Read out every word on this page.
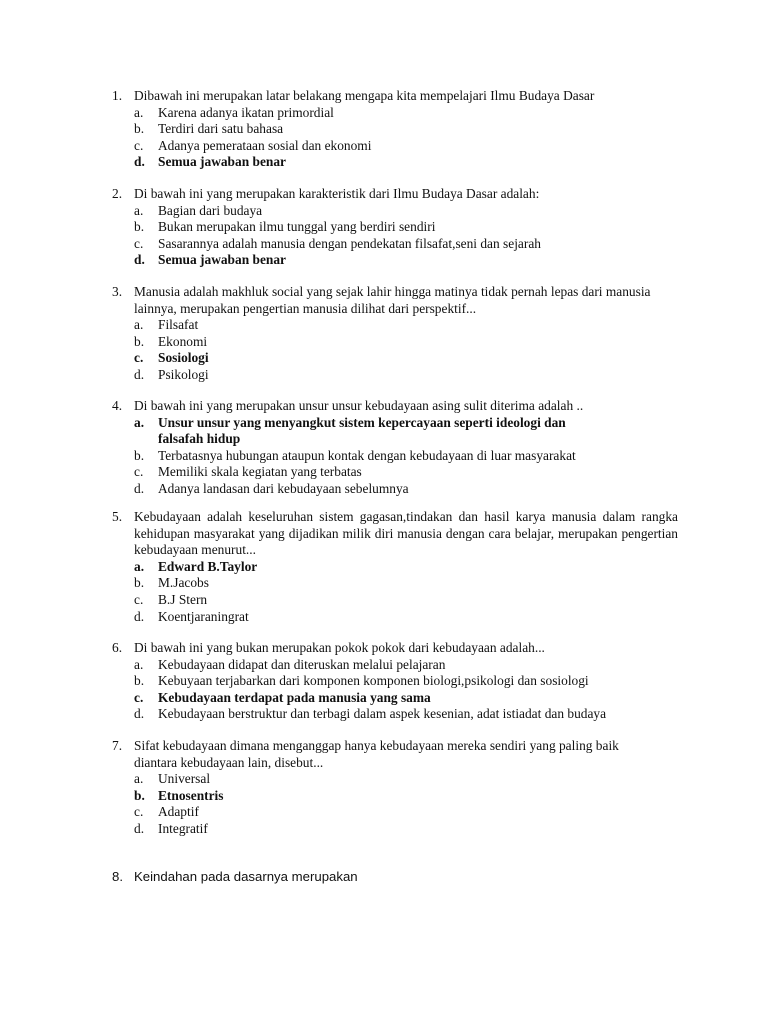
1. Dibawah ini merupakan latar belakang mengapa kita mempelajari Ilmu Budaya Dasar
a.	Karena adanya ikatan primordial
b.	Terdiri dari satu bahasa
c.	Adanya pemerataan sosial dan ekonomi
d. Semua jawaban benar
2. Di bawah ini yang merupakan karakteristik dari Ilmu Budaya Dasar adalah:
a.	Bagian dari budaya
b.	Bukan merupakan ilmu tunggal yang berdiri sendiri
c.	Sasarannya adalah manusia dengan pendekatan filsafat,seni dan sejarah
d. Semua jawaban benar
3. Manusia adalah makhluk social yang sejak lahir hingga matinya tidak pernah lepas dari manusia lainnya, merupakan pengertian manusia dilihat dari perspektif...
a.	Filsafat
b.	Ekonomi
c.	Sosiologi
d.	Psikologi
4. Di bawah ini yang merupakan unsur unsur kebudayaan asing sulit diterima adalah ..
a.	Unsur unsur yang menyangkut sistem kepercayaan seperti ideologi dan falsafah hidup
b.	Terbatasnya hubungan ataupun kontak dengan kebudayaan di luar masyarakat
c.	Memiliki skala kegiatan yang terbatas
d.	Adanya landasan dari kebudayaan sebelumnya
5. Kebudayaan adalah keseluruhan sistem gagasan,tindakan dan hasil karya manusia dalam rangka kehidupan masyarakat yang dijadikan milik diri manusia dengan cara belajar, merupakan pengertian kebudayaan menurut...
a.	Edward B.Taylor
b.	M.Jacobs
c.	B.J Stern
d.	Koentjaraningrat
6. Di bawah ini yang bukan merupakan pokok pokok dari kebudayaan adalah...
a.	Kebudayaan didapat dan diteruskan melalui pelajaran
b.	Kebuyaan terjabarkan dari komponen komponen biologi,psikologi dan sosiologi
c.	Kebudayaan terdapat pada manusia yang sama
d.	Kebudayaan berstruktur dan terbagi dalam aspek kesenian, adat istiadat dan budaya
7. Sifat kebudayaan dimana menganggap hanya kebudayaan mereka sendiri yang paling baik diantara kebudayaan lain, disebut...
a.	Universal
b. Etnosentris
c.	Adaptif
d.	Integratif
8. Keindahan pada dasarnya merupakan
